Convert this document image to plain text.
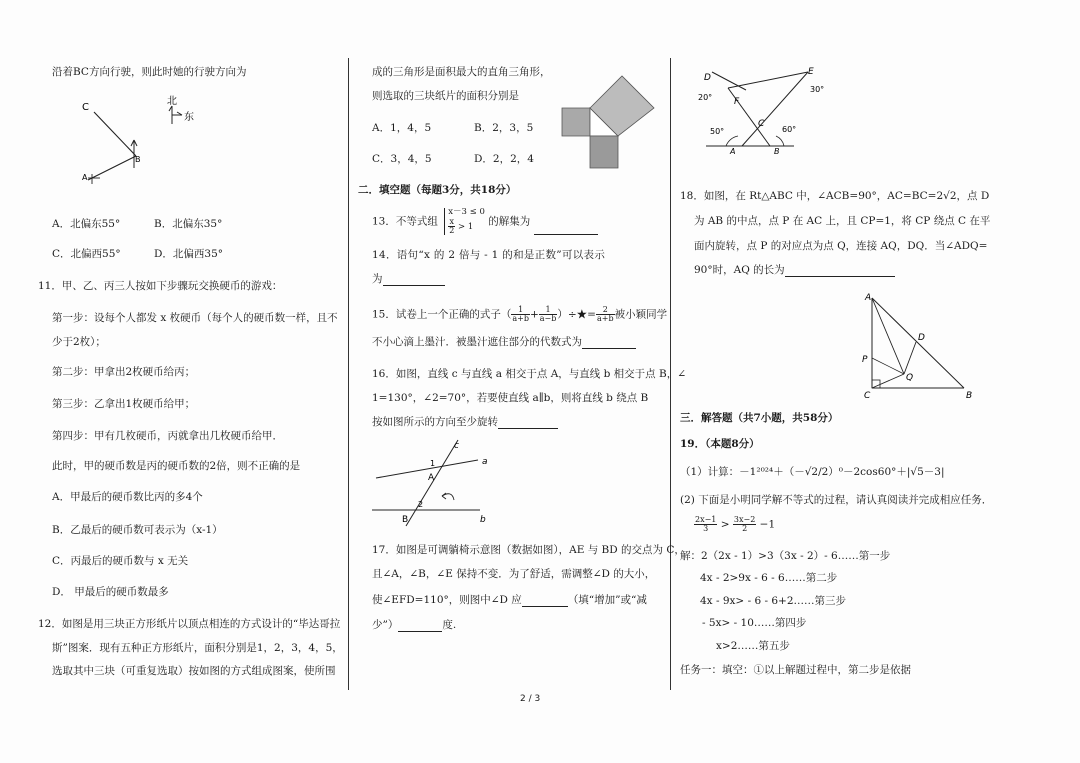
沿着BC方向行驶，则此时她的行驶方向为
C
A
B
北
东
A．北偏东55°	B．北偏东35°
C．北偏西55°	D．北偏西35°
11．甲、乙、丙三人按如下步骤玩交换硬币的游戏：
第一步：设每个人都发 x 枚硬币（每个人的硬币数一样，且不
少于2枚）；
第二步：甲拿出2枚硬币给丙；
第三步：乙拿出1枚硬币给甲；
第四步：甲有几枚硬币，丙就拿出几枚硬币给甲．
此时，甲的硬币数是丙的硬币数的2倍，则不正确的是
A．甲最后的硬币数比丙的多4个
B．乙最后的硬币数可表示为（x-1）
C．丙最后的硬币数与 x 无关
D． 甲最后的硬币数最多
12．如图是用三块正方形纸片以顶点相连的方式设计的“毕达哥拉
斯”图案．现有五种正方形纸片，面积分别是1，2，3，4，5，
选取其中三块（可重复选取）按如图的方式组成图案，使所围
成的三角形是面积最大的直角三角形，
则选取的三块纸片的面积分别是
A．1，4，5	B．2，3，5
C．3，4，5	D．2，2，4
二．填空题（每题3分，共18分）
13．不等式组
x－3 ≤ 0
$\frac{x}{2} > 1$	的解集为
14．语句“x 的 2 倍与 - 1 的和是正数”可以表示
为
15．试卷上一个正确的式子（ $\frac{1}{a+b} + \frac{1}{a-b}$ ）÷★= $\frac{2}{a+b}$ 被小颖同学
不小心滴上墨汁．被墨汁遮住部分的代数式为
16．如图，直线 c 与直线 a 相交于点 A，与直线 b 相交于点 B，∠
1=130°，∠2=70°，若要使直线 a∥b，则将直线 b 绕点 B
按如图所示的方向至少旋转
c
1	a
A
2
B	b
17．如图是可调躺椅示意图（数据如图），AE 与 BD 的交点为 C，
且∠A，∠B，∠E 保持不变．为了舒适，需调整∠D 的大小，
使∠EFD=110°，则图中∠D 应	（填“增加”或“减
少”）	度.
D
E
F
C
A	B
20°
30°
50°	60°
18．如图，在 Rt△ABC 中，∠ACB=90°，AC=BC=2√2，点 D
为 AB 的中点，点 P 在 AC 上，且 CP=1，将 CP 绕点 C 在平
面内旋转，点 P 的对应点为点 Q，连接 AQ，DQ．当∠ADQ=
90°时，AQ 的长为
A
P
D
Q
C	B
三．解答题（共7小题，共58分）
19．（本题8分）
（1）计算：－1²⁰²⁴＋（－√2/2）⁰－2cos60°＋|√5－3|
(2) 下面是小明同学解不等式的过程，请认真阅读并完成相应任务．
$\frac{2x-1}{3} > \frac{3x-2}{2} -1$
解：2（2x - 1）>3（3x - 2）- 6……第一步
4x - 2>9x - 6 - 6……第二步
4x - 9x> - 6 - 6+2……第三步
- 5x> - 10……第四步
x>2……第五步
任务一：填空：①以上解题过程中，第二步是依据
2 / 3
